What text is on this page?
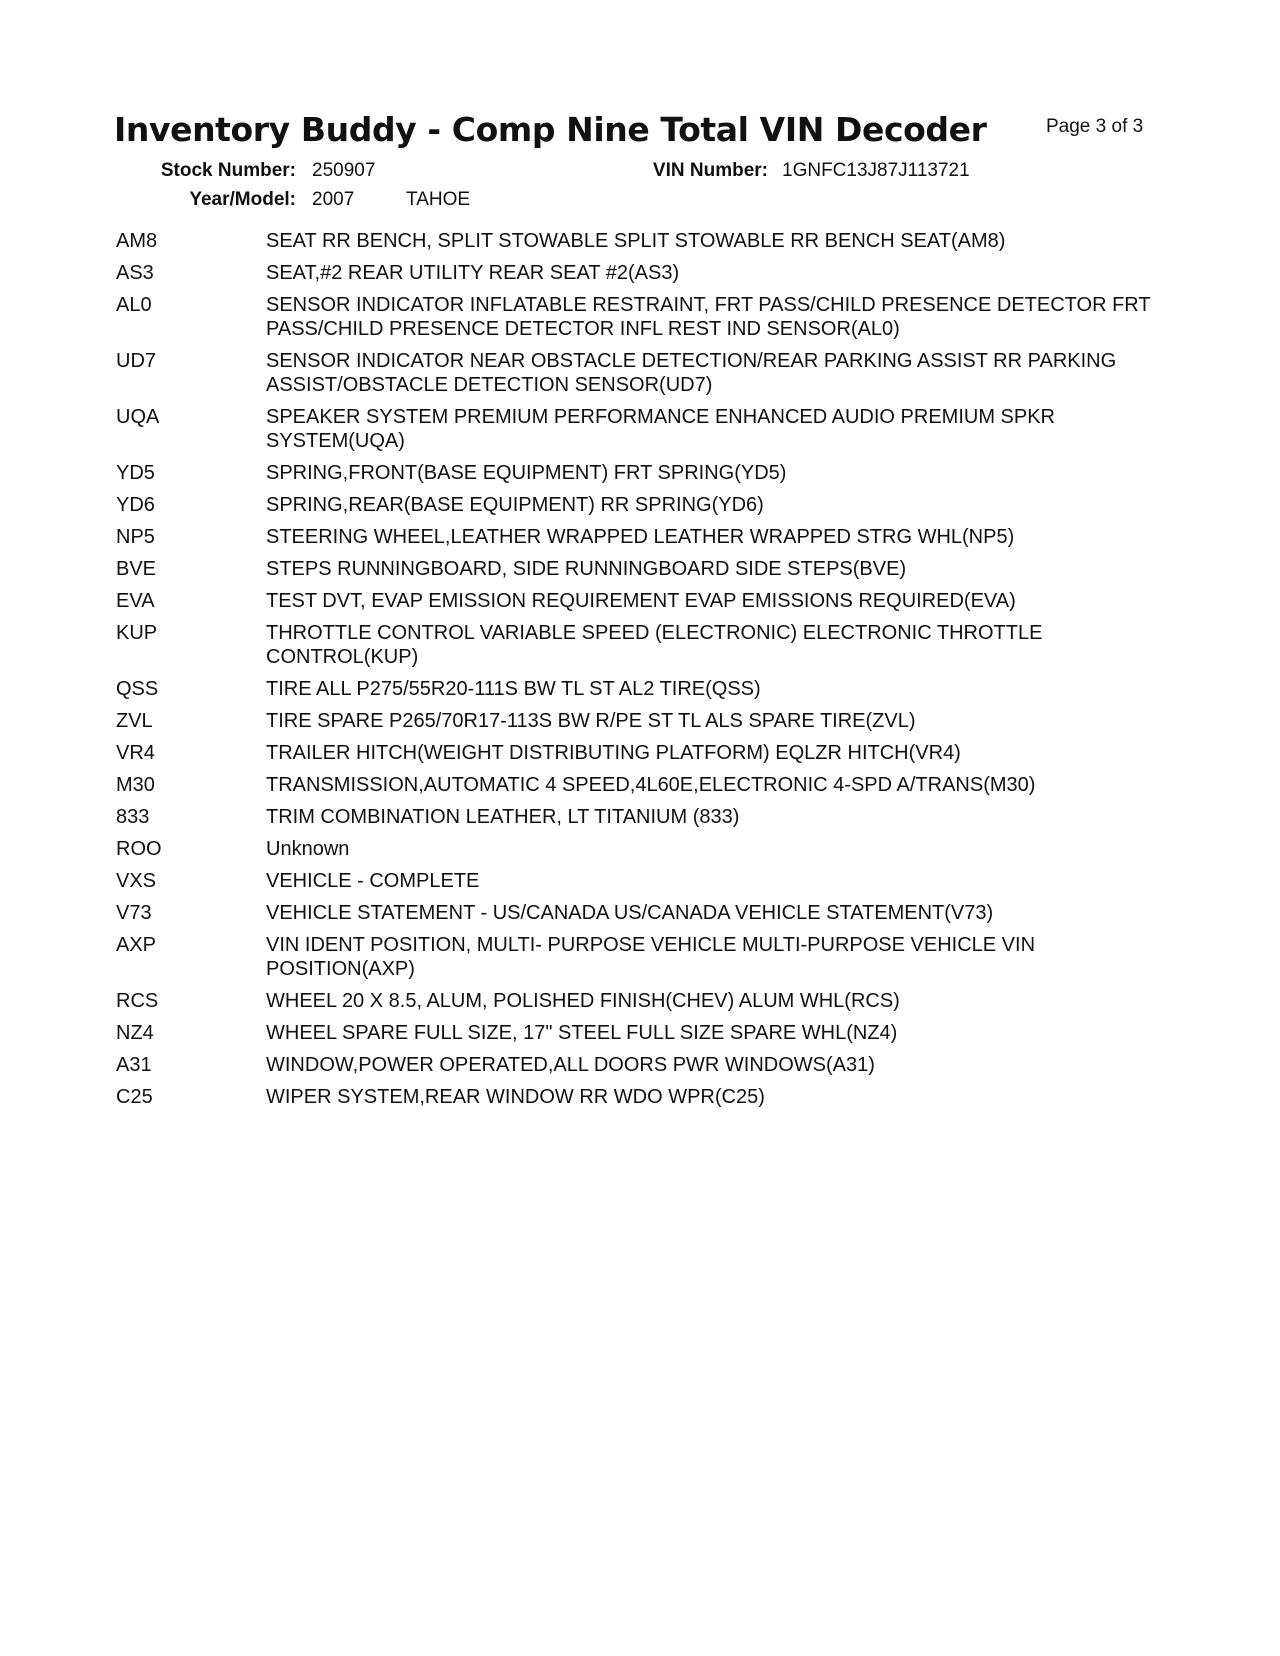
Inventory Buddy - Comp Nine Total VIN Decoder	Page 3 of 3
Stock Number: 250907	VIN Number: 1GNFC13J87J113721
Year/Model: 2007	TAHOE
AM8	SEAT RR BENCH, SPLIT STOWABLE SPLIT STOWABLE RR BENCH SEAT(AM8)
AS3	SEAT,#2 REAR UTILITY REAR SEAT #2(AS3)
AL0	SENSOR INDICATOR INFLATABLE RESTRAINT, FRT PASS/CHILD PRESENCE DETECTOR FRT PASS/CHILD PRESENCE DETECTOR INFL REST IND SENSOR(AL0)
UD7	SENSOR INDICATOR NEAR OBSTACLE DETECTION/REAR PARKING ASSIST RR PARKING ASSIST/OBSTACLE DETECTION SENSOR(UD7)
UQA	SPEAKER SYSTEM PREMIUM PERFORMANCE ENHANCED AUDIO PREMIUM SPKR SYSTEM(UQA)
YD5	SPRING,FRONT(BASE EQUIPMENT) FRT SPRING(YD5)
YD6	SPRING,REAR(BASE EQUIPMENT) RR SPRING(YD6)
NP5	STEERING WHEEL,LEATHER WRAPPED LEATHER WRAPPED STRG WHL(NP5)
BVE	STEPS RUNNINGBOARD, SIDE RUNNINGBOARD SIDE STEPS(BVE)
EVA	TEST DVT, EVAP EMISSION REQUIREMENT EVAP EMISSIONS REQUIRED(EVA)
KUP	THROTTLE CONTROL VARIABLE SPEED (ELECTRONIC) ELECTRONIC THROTTLE CONTROL(KUP)
QSS	TIRE ALL P275/55R20-111S BW TL ST AL2 TIRE(QSS)
ZVL	TIRE SPARE P265/70R17-113S BW R/PE ST TL ALS SPARE TIRE(ZVL)
VR4	TRAILER HITCH(WEIGHT DISTRIBUTING PLATFORM) EQLZR HITCH(VR4)
M30	TRANSMISSION,AUTOMATIC 4 SPEED,4L60E,ELECTRONIC 4-SPD A/TRANS(M30)
833	TRIM COMBINATION LEATHER, LT TITANIUM (833)
ROO	Unknown
VXS	VEHICLE - COMPLETE
V73	VEHICLE STATEMENT - US/CANADA US/CANADA VEHICLE STATEMENT(V73)
AXP	VIN IDENT POSITION, MULTI- PURPOSE VEHICLE MULTI-PURPOSE VEHICLE VIN POSITION(AXP)
RCS	WHEEL 20 X 8.5, ALUM, POLISHED FINISH(CHEV) ALUM WHL(RCS)
NZ4	WHEEL SPARE FULL SIZE, 17" STEEL FULL SIZE SPARE WHL(NZ4)
A31	WINDOW,POWER OPERATED,ALL DOORS PWR WINDOWS(A31)
C25	WIPER SYSTEM,REAR WINDOW RR WDO WPR(C25)
